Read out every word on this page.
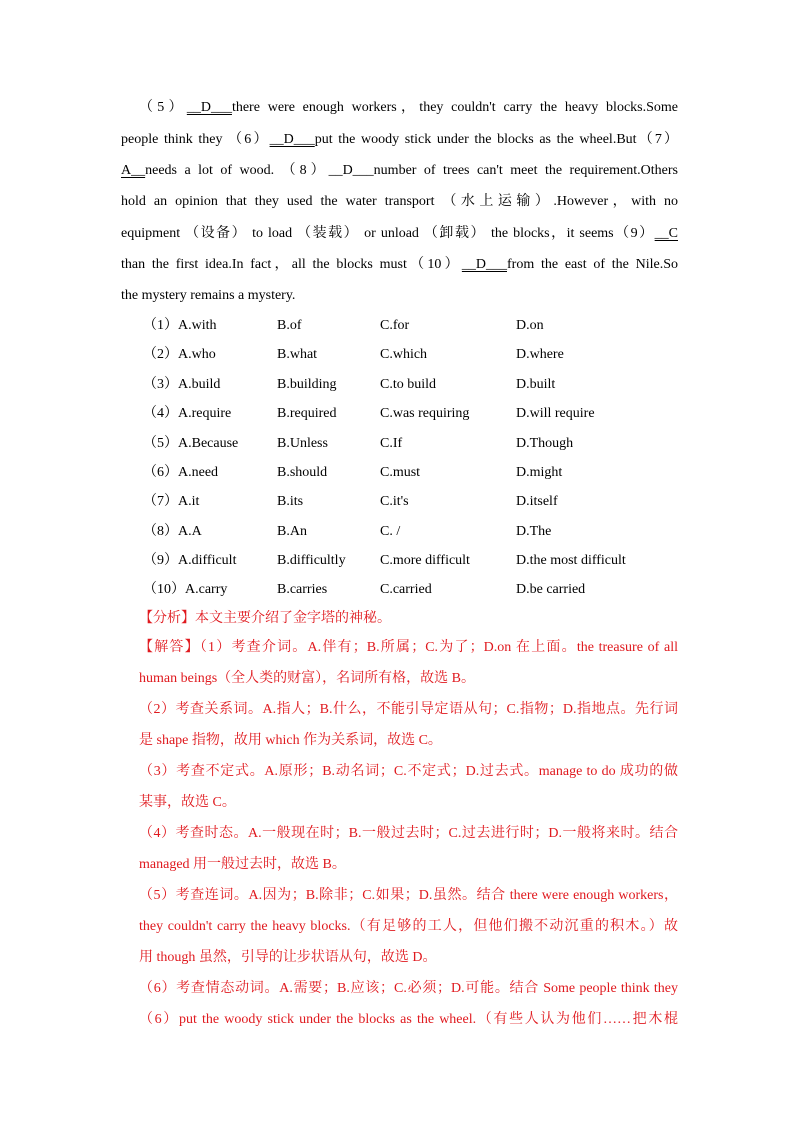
（5）__D___there were enough workers，they couldn't carry the heavy blocks.Some
people think they （6）__D___put the woody stick under the blocks as the wheel.But（7）
A__needs a lot of wood. （8）__D___number of trees can't meet the requirement.Others
hold an opinion that they used the water transport （水上运输）.However，with no
equipment （设备） to load （装载） or unload （卸载） the blocks，it seems（9）__C
than the first idea.In fact，all the blocks must（10）__D___from the east of the Nile.So
the mystery remains a mystery.
（1）A.with	B.of	C.for	D.on
（2）A.who	B.what	C.which	D.where
（3）A.build	B.building	C.to build	D.built
（4）A.require	B.required	C.was requiring	D.will require
（5）A.Because	B.Unless	C.If	D.Though
（6）A.need	B.should	C.must	D.might
（7）A.it	B.its	C.it's	D.itself
（8）A.A	B.An	C. /	D.The
（9）A.difficult	B.difficultly C.more difficult	D.the most difficult
（10）A.carry	B.carries	C.carried	D.be carried
【分析】本文主要介绍了金字塔的神秘。
【解答】（1）考查介词。A.伴有；B.所属；C.为了；D.on 在上面。the treasure of all
human beings（全人类的财富），名词所有格，故选 B。
（2）考查关系词。A.指人；B.什么，不能引导定语从句；C.指物；D.指地点。先行词
是 shape 指物，故用 which 作为关系词，故选 C。
（3）考查不定式。A.原形；B.动名词；C.不定式；D.过去式。manage to do 成功的做
某事，故选 C。
（4）考查时态。A.一般现在时；B.一般过去时；C.过去进行时；D.一般将来时。结合
managed 用一般过去时，故选 B。
（5）考查连词。A.因为；B.除非；C.如果；D.虽然。结合 there were enough workers，
they couldn't carry the heavy blocks.（有足够的工人，但他们搬不动沉重的积木。）故
用 though 虽然，引导的让步状语从句，故选 D。
（6）考查情态动词。A.需要；B.应该；C.必须；D.可能。结合 Some people think they
（6）put the woody stick under the blocks as the wheel.（有些人认为他们……把木棍
